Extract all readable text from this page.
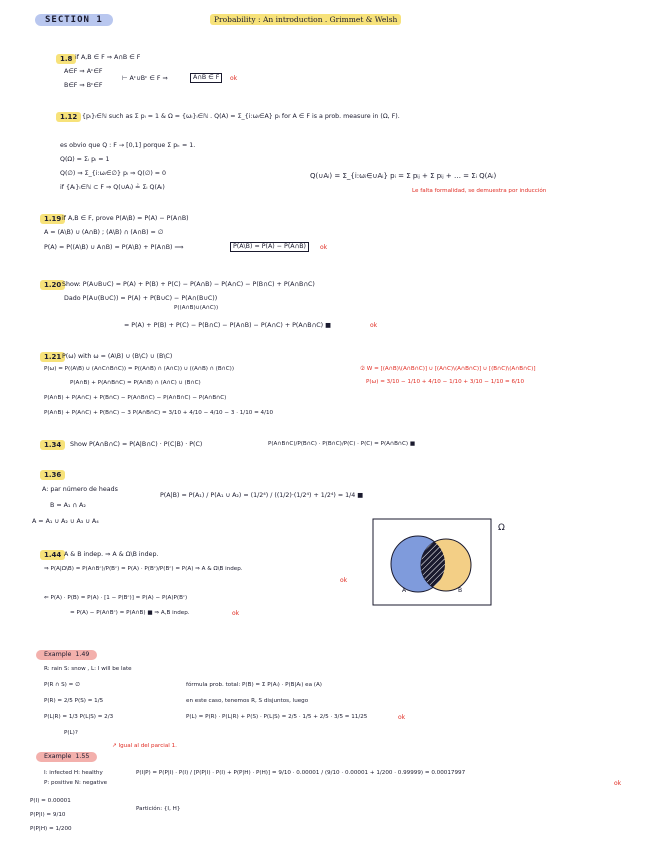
SECTION 1	Probability : An introduction . Grimmet & Welsh
1.8 if A,B ∈ F ⇒ A∩B ∈ F
A∈F ⇒ Aᶜ∈F
B∈F ⇒ Bᶜ∈F
⊢ Aᶜ∪Bᶜ ∈ F ⇒	A∩B ∈ F	ok
1.12 {pᵢ}ᵢ∈ℕ such as Σ pᵢ = 1 & Ω = {ωᵢ}ᵢ∈ℕ . Q(A) = Σ_{i:ωᵢ∈A} pᵢ for A ∈ F is a prob. measure in (Ω, F).
es obvio que Q : F → [0,1] porque Σ pₖ = 1.
Q(Ω) = Σᵢ pᵢ = 1
Q(∅) ⇒ Σ_{i:ωᵢ∈∅} pᵢ ⇒ Q(∅) = 0
if {Aᵢ}ᵢ∈ℕ ⊂ F ⇒ Q(∪Aᵢ) ≟ Σᵢ Q(Aᵢ)
Q(∪Aᵢ) = Σ_{i:ωᵢ∈∪Aᵢ} pᵢ = Σ pᵢⱼ + Σ pᵢⱼ + … = Σᵢ Q(Aᵢ)
Le falta formalidad, se demuestra por inducción
1.19 if A,B ∈ F, prove P(A\B) = P(A) − P(A∩B)
A = (A\B) ∪ (A∩B) ; (A\B) ∩ (A∩B) = ∅
P(A) = P((A\B) ∪ A∩B) = P(A\B) + P(A∩B) ⟹	P(A\B) = P(A) − P(A∩B)	ok
1.20 Show: P(A∪B∪C) = P(A) + P(B) + P(C) − P(A∩B) − P(A∩C) − P(B∩C) + P(A∩B∩C)
Dado P(A∪(B∪C)) = P(A) + P(B∪C) − P(A∩(B∪C))
P((A∩B)∪(A∩C))
= P(A) + P(B) + P(C) − P(B∩C) − P(A∩B) − P(A∩C) + P(A∩B∩C) ■	ok
1.21 P(ω) with ω = (A\B) ∪ (B\C) ∪ (B\C)
P(ω) = P((A\B) ∪ (A∩C∩B∩C)) = P((A∩B) ∩ (A∩C)) ∪ ((A∩B) ∩ (B∩C))
P(A∩B) + P(A∩B∩C) = P(A∩B) ∩ (A∩C) ∪ (B∩C)
P(A∩B) + P(A∩C) + P(B∩C) − P(A∩B∩C) − P(A∩B∩C) − P(A∩B∩C)
P(A∩B) + P(A∩C) + P(B∩C) − 3 P(A∩B∩C) = 3/10 + 4/10 − 4/10 − 3 · 1/10 = 4/10
② W = [(A∩B)\(A∩B∩C)] ∪ [(A∩C)\(A∩B∩C)] ∪ [(B∩C)\(A∩B∩C)]
P(ω) = 3/10 − 1/10 + 4/10 − 1/10 + 3/10 − 1/10 = 6/10
1.34	Show P(A∩B∩C) = P(A|B∩C) · P(C|B) · P(C)	P(A∩B∩C)/P(B∩C) · P(B∩C)/P(C) · P(C) = P(A∩B∩C) ■
1.36
A: par número de heads
B = A₁ ∩ A₂
A = A₁ ∪ A₂ ∪ A₃ ∪ A₄
P(A|B) = P(A₁) / P(A₁ ∪ A₂) = (1/2⁴) / ((1/2)·(1/2⁴) + 1/2⁴) = 1/4 ■
1.44 A & B indep. ⇒ A & Ω\B indep.
⇒ P(A|Ω\B) = P(A∩Bᶜ)/P(Bᶜ) = P(A) · P(Bᶜ)/P(Bᶜ) = P(A) ⇒ A & Ω\B indep.
ok
⇐ P(A) · P(B) = P(A) · [1 − P(Bᶜ)] = P(A) − P(A)P(Bᶜ)
= P(A) − P(A∩Bᶜ) = P(A∩B) ■ ⇒ A,B indep.	ok
A	B
Ω
Example 1.49
R: rain S: snow , L: I will be late
P(R ∩ S) = ∅
P(R) = 2/5 P(S) = 1/5
P(L|R) = 1/3 P(L|S) = 2/3
P(L)?
fórmula prob. total: P(B) = Σ P(Aᵢ) · P(B|Aᵢ) ea (A)
en este caso, tenemos R, S disjuntos, luego
P(L) = P(R) · P(L|R) + P(S) · P(L|S) = 2/5 · 1/5 + 2/5 · 3/5 = 11/25	ok
Example 1.55
↗ Igual al del parcial 1.
I: infected H: healthy
P: positive N: negative
P(I) = 0.00001
P(P|I) = 9/10
P(P|H) = 1/200
P(I|P) = P(P|I) · P(I) / [P(P|I) · P(I) + P(P|H) · P(H)] = 9/10 · 0.00001 / (9/10 · 0.00001 + 1/200 · 0.99999) = 0.00017997
ok
Partición: {I, H}
